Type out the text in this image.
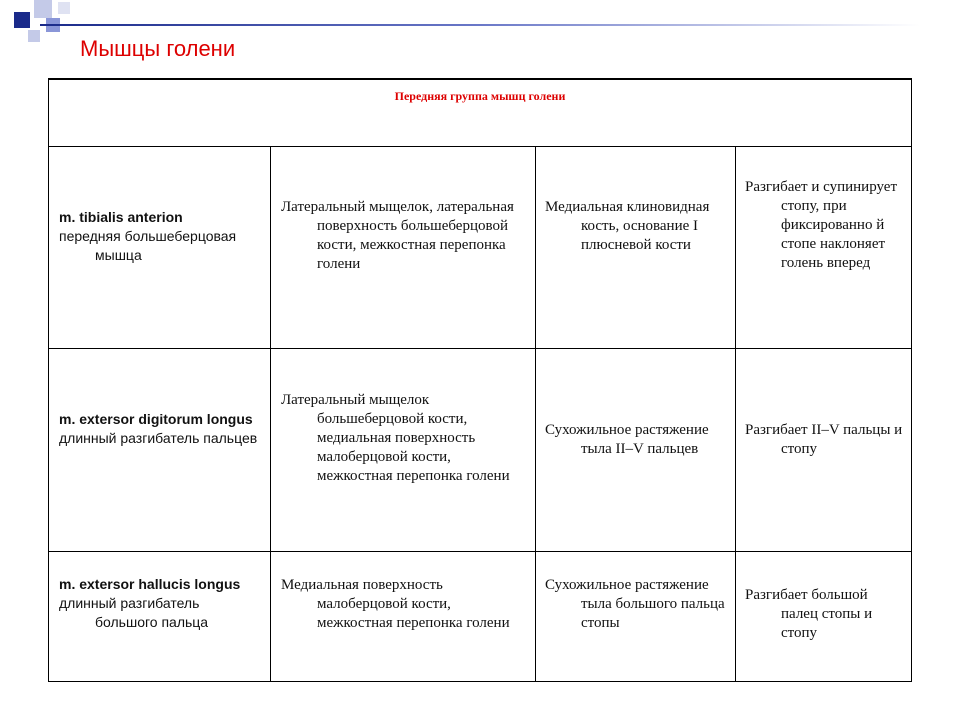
Мышцы голени
Передняя группа мышц голени

m. tibialis anterion

передняя большеберцовая мышца

Латеральный мыщелок, латеральная поверхность большеберцовой кости, межкостная перепонка голени

Медиальная клиновидная кость, основание I плюсневой кости

Разгибает и супинирует стопу, при фиксированно й стопе наклоняет голень вперед

m. extersor digitorum longus

длинный разгибатель пальцев

Латеральный мыщелок большеберцовой кости, медиальная поверхность малоберцовой кости, межкостная перепонка голени

Сухожильное растяжение тыла II–V пальцев

Разгибает II–V пальцы и стопу

m. extersor hallucis longus

длинный разгибатель большого пальца

Медиальная поверхность малоберцовой кости, межкостная перепонка голени

Сухожильное растяжение тыла большого пальца стопы

Разгибает большой палец стопы и стопу
